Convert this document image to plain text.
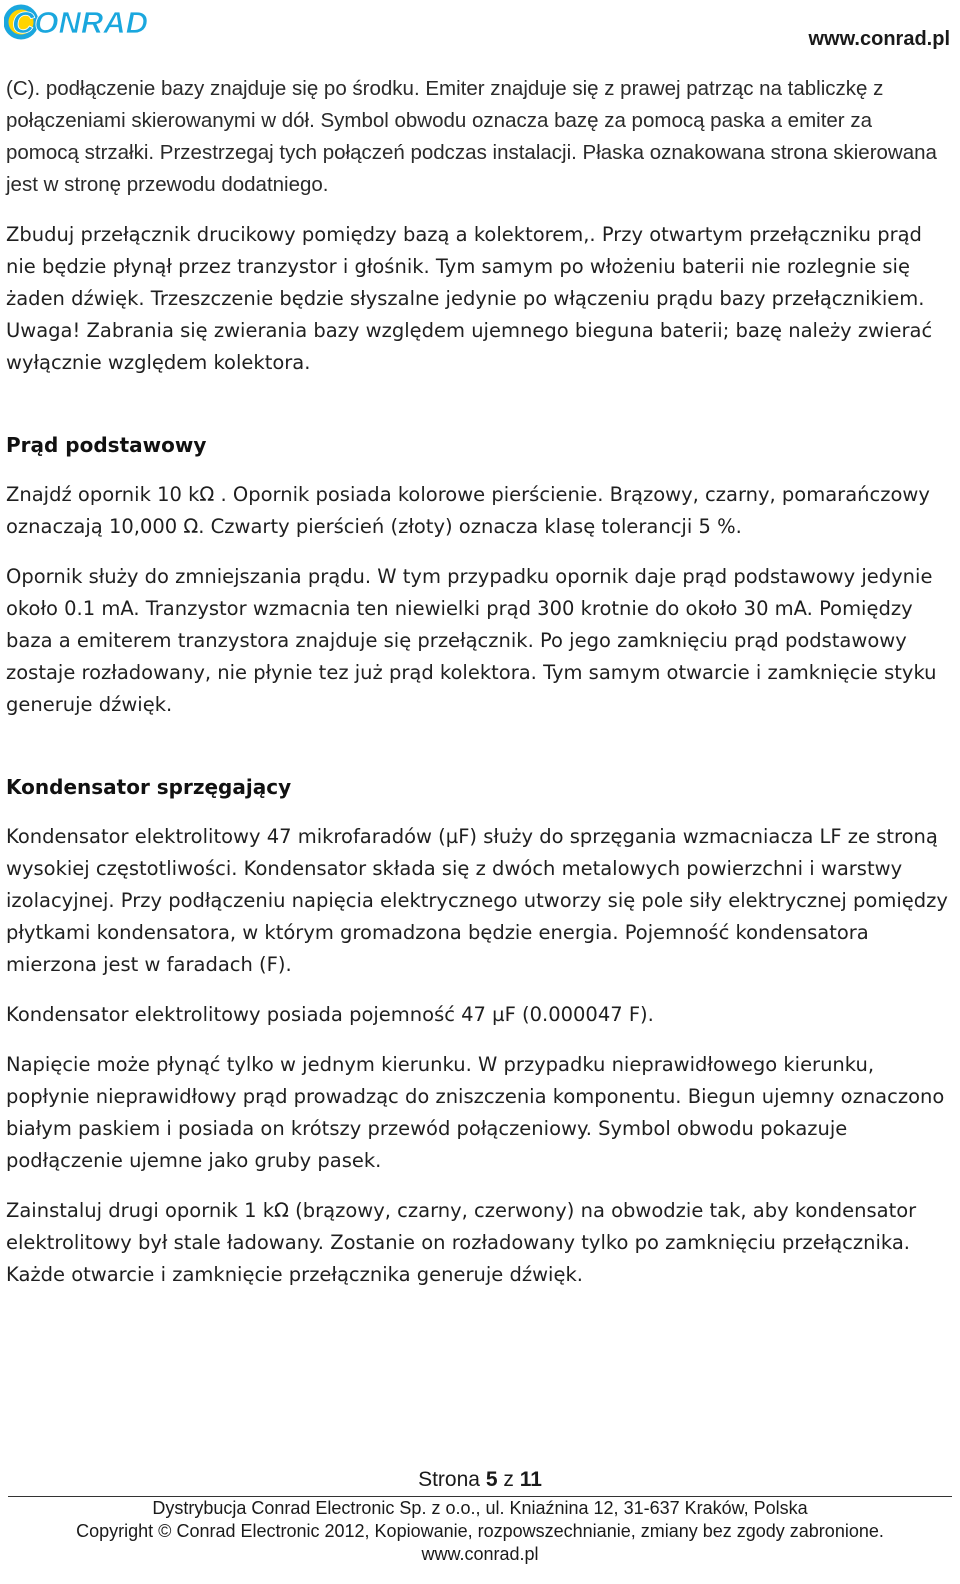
CONRAD	www.conrad.pl

(C). podłączenie bazy znajduje się po środku. Emiter znajduje się z prawej patrząc na tabliczkę z połączeniami skierowanymi w dół. Symbol obwodu oznacza bazę za pomocą paska a emiter za pomocą strzałki. Przestrzegaj tych połączeń podczas instalacji. Płaska oznakowana strona skierowana jest w stronę przewodu dodatniego.

Zbuduj przełącznik drucikowy pomiędzy bazą a kolektorem,. Przy otwartym przełączniku prąd nie będzie płynął przez tranzystor i głośnik. Tym samym po włożeniu baterii nie rozlegnie się żaden dźwięk. Trzeszczenie będzie słyszalne jedynie po włączeniu prądu bazy przełącznikiem. Uwaga! Zabrania się zwierania bazy względem ujemnego bieguna baterii; bazę należy zwierać wyłącznie względem kolektora.

Prąd podstawowy

Znajdź opornik 10 kΩ . Opornik posiada kolorowe pierścienie. Brązowy, czarny, pomarańczowy oznaczają 10,000 Ω. Czwarty pierścień (złoty) oznacza klasę tolerancji 5 %.

Opornik służy do zmniejszania prądu. W tym przypadku opornik daje prąd podstawowy jedynie około 0.1 mA. Tranzystor wzmacnia ten niewielki prąd 300 krotnie do około 30 mA. Pomiędzy baza a emiterem tranzystora znajduje się przełącznik. Po jego zamknięciu prąd podstawowy zostaje rozładowany, nie płynie tez już prąd kolektora. Tym samym otwarcie i zamknięcie styku generuje dźwięk.

Kondensator sprzęgający

Kondensator elektrolitowy 47 mikrofaradów (µF) służy do sprzęgania wzmacniacza LF ze stroną wysokiej częstotliwości. Kondensator składa się z dwóch metalowych powierzchni i warstwy izolacyjnej. Przy podłączeniu napięcia elektrycznego utworzy się pole siły elektrycznej pomiędzy płytkami kondensatora, w którym gromadzona będzie energia. Pojemność kondensatora mierzona jest w faradach (F).

Kondensator elektrolitowy posiada pojemność 47 µF (0.000047 F).

Napięcie może płynąć tylko w jednym kierunku. W przypadku nieprawidłowego kierunku, popłynie nieprawidłowy prąd prowadząc do zniszczenia komponentu. Biegun ujemny oznaczono białym paskiem i posiada on krótszy przewód połączeniowy. Symbol obwodu pokazuje podłączenie ujemne jako gruby pasek.

Zainstaluj drugi opornik 1 kΩ (brązowy, czarny, czerwony) na obwodzie tak, aby kondensator elektrolitowy był stale ładowany. Zostanie on rozładowany tylko po zamknięciu przełącznika. Każde otwarcie i zamknięcie przełącznika generuje dźwięk.

Strona 5 z 11
Dystrybucja Conrad Electronic Sp. z o.o., ul. Kniaźnina 12, 31-637 Kraków, Polska
Copyright © Conrad Electronic 2012, Kopiowanie, rozpowszechnianie, zmiany bez zgody zabronione.
www.conrad.pl
